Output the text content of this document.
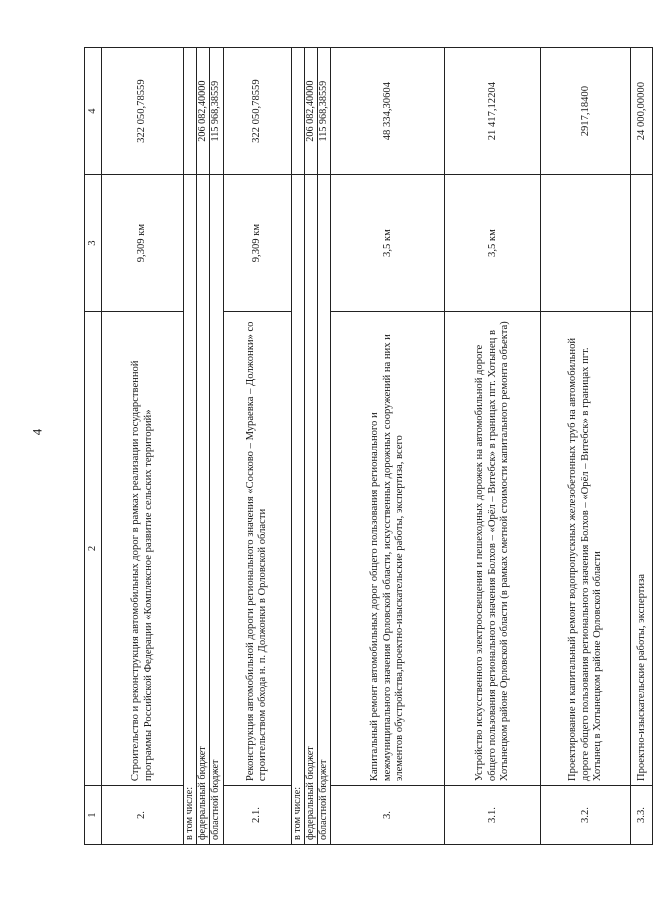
4
1	2	3	4
2.	Строительство и реконструкция автомобильных дорог в рамках реализации государственной программы Российской Федерации «Комплексное развитие сельских территорий»	9,309 км	322 050,78559
в том числе:			
федеральный бюджет			206 082,40000
областной бюджет			115 968,38559
2.1.	Реконструкция автомобильной дороги регионального значения «Сосково – Мураевка – Должонки» со строительством обхода н. п. Должонки в Орловской области	9,309 км	322 050,78559
в том числе:			
федеральный бюджет			206 082,40000
областной бюджет			115 968,38559
3.	Капитальный ремонт автомобильных дорог общего пользования регионального и межмуниципального значения Орловской области, искусственных дорожных сооружений на них и элементов обустройства,проектно-изыскательские работы, экспертиза, всего	3,5 км	48 334,30604
3.1.	Устройство искусственного электроосвещения и пешеходных дорожек на автомобильной дороге общего пользования регионального значения Болхов – «Орёл – Витебск» в границах пгт. Хотынец в Хотынецком районе Орловской области (в рамках сметной стоимости капитального ремонта объекта)	3,5 км	21 417,12204
3.2.	Проектирование и капитальный ремонт водопропускных железобетонных труб на автомобильной дороге общего пользования регионального значения Болхов – «Орёл – Витебск» в границах пгт. Хотынец в Хотынецком районе Орловской области		2917,18400
3.3.	Проектно-изыскательские работы, экспертиза		24 000,00000
